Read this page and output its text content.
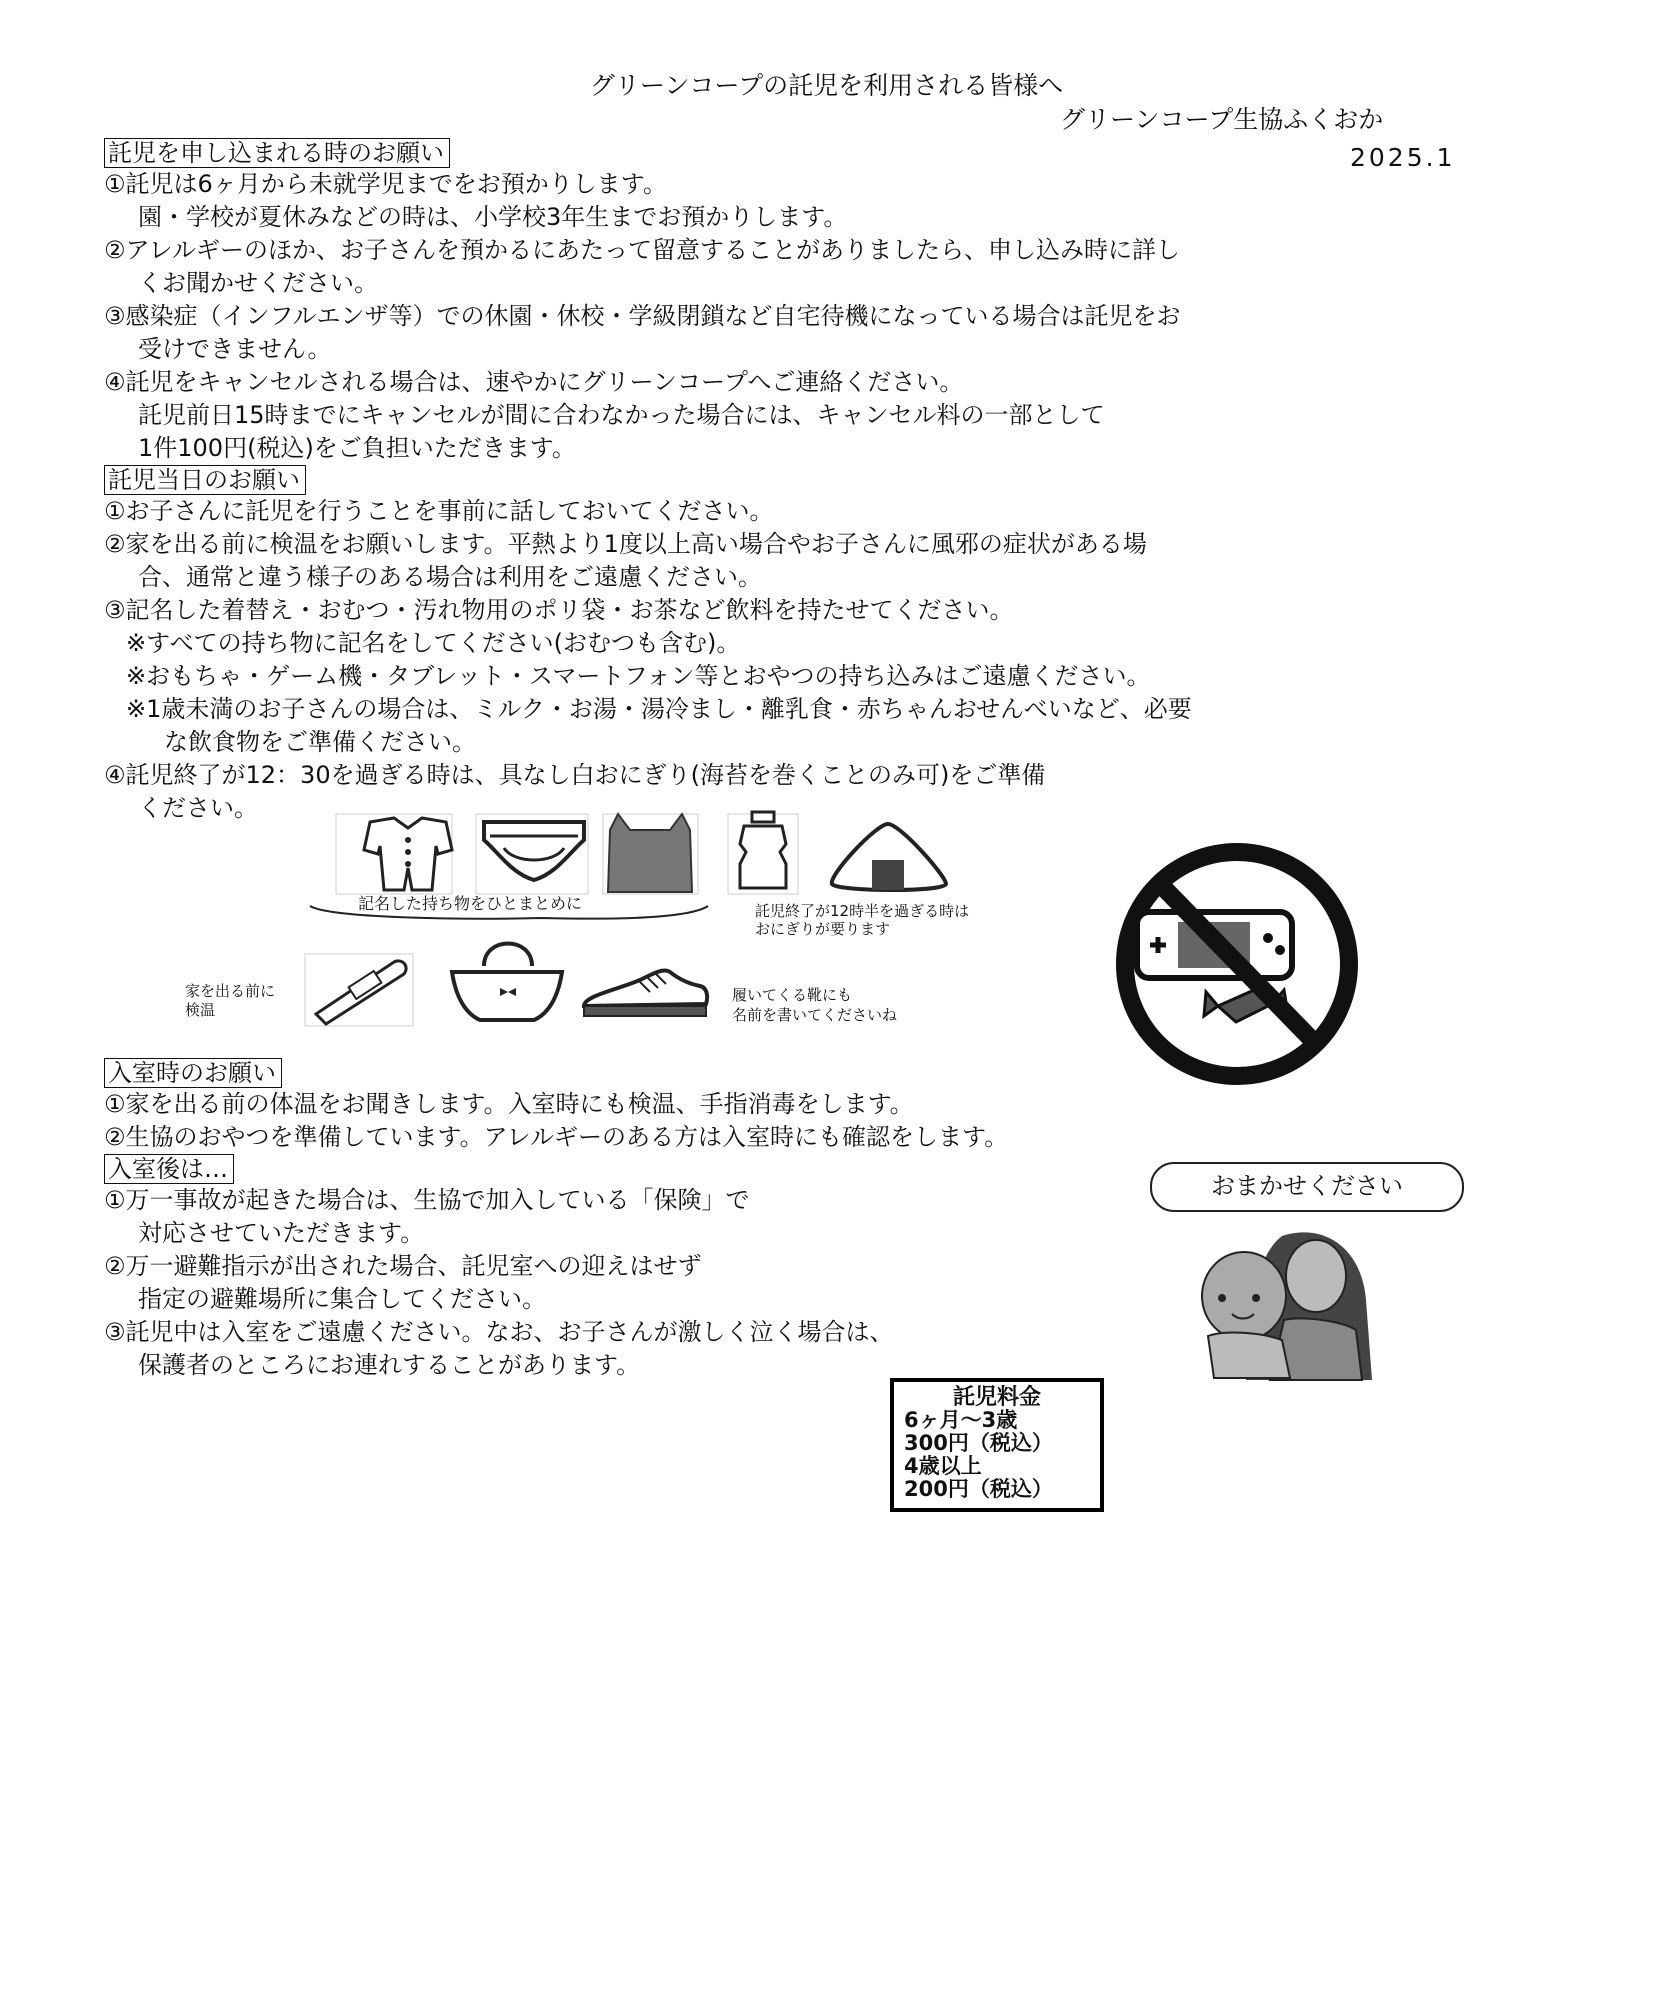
グリーンコープの託児を利用される皆様へ
グリーンコープ生協ふくおか
2025.1
託児を申し込まれる時のお願い
①託児は6ヶ月から未就学児までをお預かりします。
園・学校が夏休みなどの時は、小学校3年生までお預かりします。
②アレルギーのほか、お子さんを預かるにあたって留意することがありましたら、申し込み時に詳し
くお聞かせください。
③感染症（インフルエンザ等）での休園・休校・学級閉鎖など自宅待機になっている場合は託児をお
受けできません。
④託児をキャンセルされる場合は、速やかにグリーンコープへご連絡ください。
託児前日15時までにキャンセルが間に合わなかった場合には、キャンセル料の一部として
1件100円(税込)をご負担いただきます。
託児当日のお願い
①お子さんに託児を行うことを事前に話しておいてください。
②家を出る前に検温をお願いします。平熱より1度以上高い場合やお子さんに風邪の症状がある場
合、通常と違う様子のある場合は利用をご遠慮ください。
③記名した着替え・おむつ・汚れ物用のポリ袋・お茶など飲料を持たせてください。
※すべての持ち物に記名をしてください(おむつも含む)。
※おもちゃ・ゲーム機・タブレット・スマートフォン等とおやつの持ち込みはご遠慮ください。
※1歳未満のお子さんの場合は、ミルク・お湯・湯冷まし・離乳食・赤ちゃんおせんべいなど、必要
な飲食物をご準備ください。
④託児終了が12：30を過ぎる時は、具なし白おにぎり(海苔を巻くことのみ可)をご準備
ください。
入室時のお願い
①家を出る前の体温をお聞きします。入室時にも検温、手指消毒をします。
②生協のおやつを準備しています。アレルギーのある方は入室時にも確認をします。
入室後は…
①万一事故が起きた場合は、生協で加入している「保険」で
対応させていただきます。
②万一避難指示が出された場合、託児室への迎えはせず
指定の避難場所に集合してください。
③託児中は入室をご遠慮ください。なお、お子さんが激しく泣く場合は、
保護者のところにお連れすることがあります。
記名した持ち物をひとまとめに	託児終了が12時半を過ぎる時は
おにぎりが要ります
家を出る前に
検温
履いてくる靴にも
名前を書いてくださいね
おまかせください
託児料金
6ヶ月～3歳
300円（税込）
4歳以上
200円（税込）
